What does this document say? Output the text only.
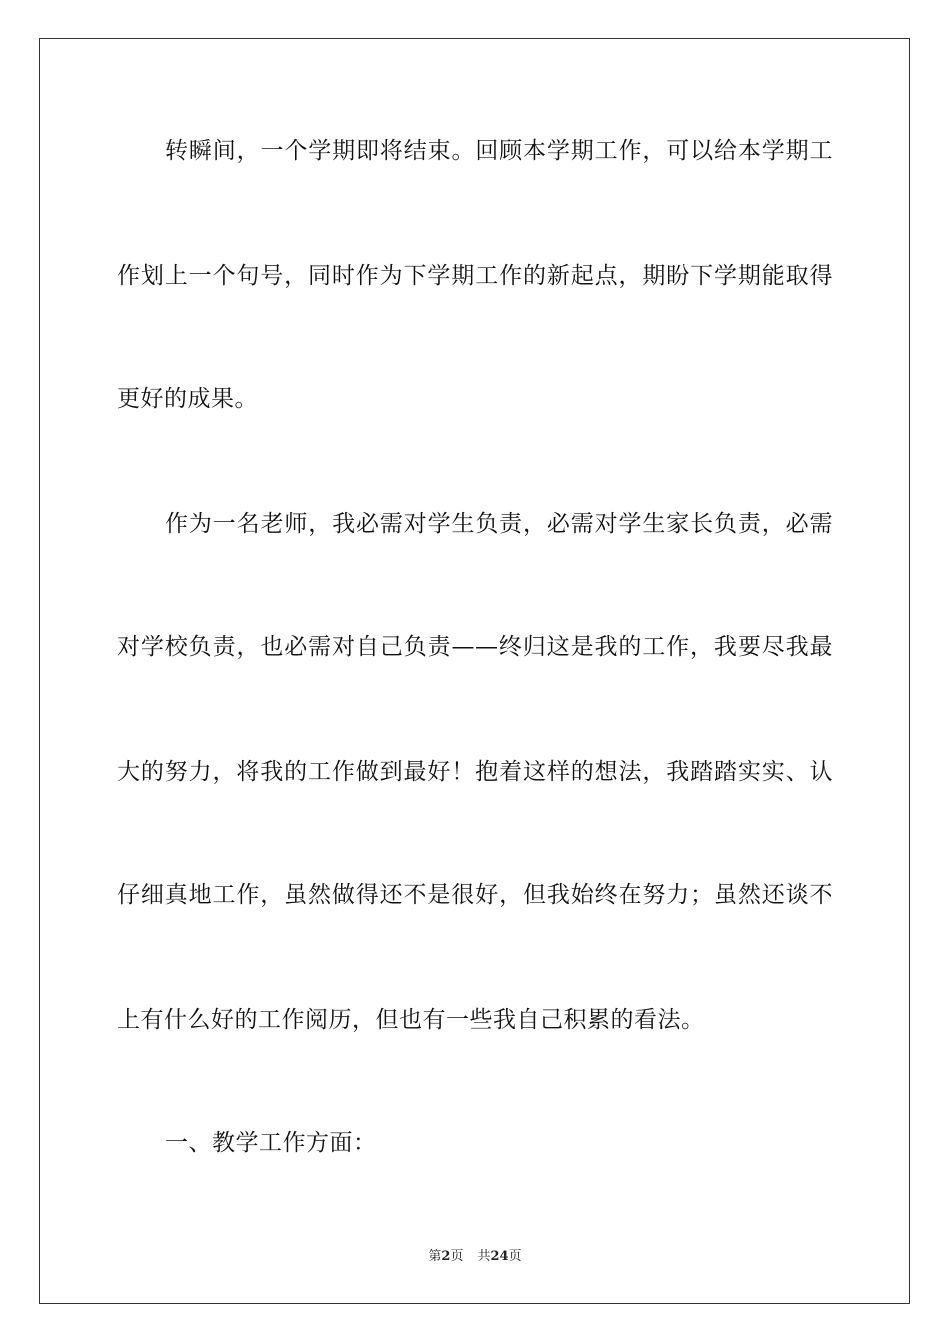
转瞬间，一个学期即将结束。回顾本学期工作，可以给本学期工
作划上一个句号，同时作为下学期工作的新起点，期盼下学期能取得
更好的成果。
作为一名老师，我必需对学生负责，必需对学生家长负责，必需
对学校负责，也必需对自己负责——终归这是我的工作，我要尽我最
大的努力，将我的工作做到最好！抱着这样的想法，我踏踏实实、认
仔细真地工作，虽然做得还不是很好，但我始终在努力；虽然还谈不
上有什么好的工作阅历，但也有一些我自己积累的看法。
一、教学工作方面：
第2页 共24页
